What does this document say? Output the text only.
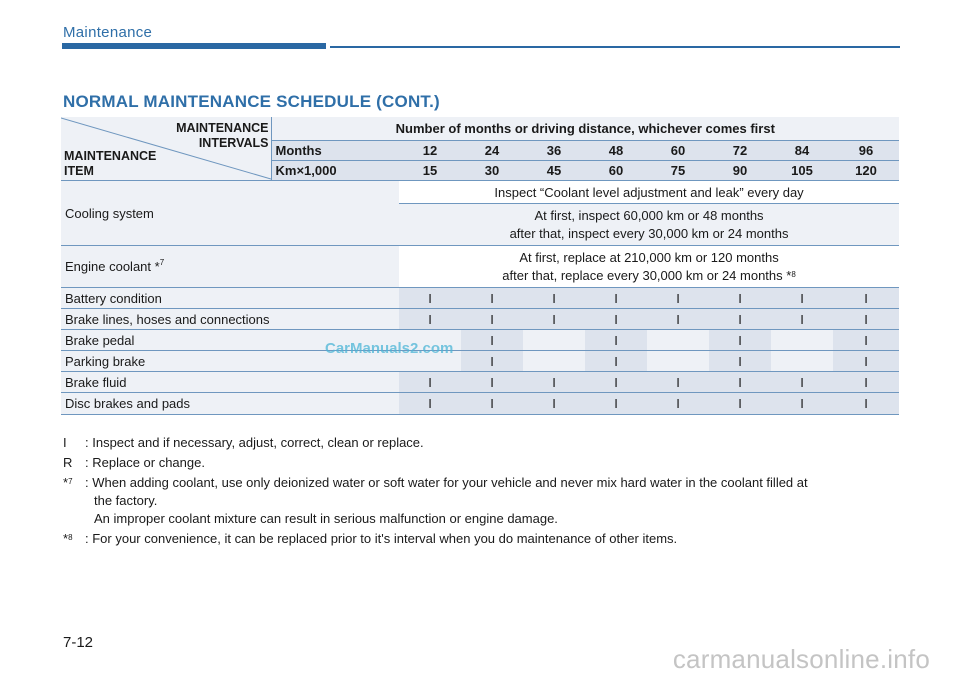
Maintenance
NORMAL MAINTENANCE SCHEDULE (CONT.)
MAINTENANCE
INTERVALS
MAINTENANCE
ITEM	Number of months or driving distance, whichever comes first								
	Months	12	24	36	48	60	72	84	96
	Km×1,000	15	30	45	60	75	90	105	120
Cooling system		Inspect “Coolant level adjustment and leak” every day							

		At first, inspect 60,000 km or 48 months
after that, inspect every 30,000 km or 24 months							

Engine coolant *$^7$		At first, replace at 210,000 km or 120 months
after that, replace every 30,000 km or 24 months *$^8$

Battery condition		I	I	I	I	I	I	I	I
Brake lines, hoses and connections		I	I	I	I	I	I	I	I
Brake pedal			I		I		I		I
Parking brake			I		I		I		I
Brake fluid		I	I	I	I	I	I	I	I
Disc brakes and pads		I	I	I	I	I	I	I	I
CarManuals2.com
I	: Inspect and if necessary, adjust, correct, clean or replace.
R : Replace or change.
*$^7$ : When adding coolant, use only deionized water or soft water for your vehicle and never mix hard water in the coolant filled at
the factory.
An improper coolant mixture can result in serious malfunction or engine damage.
*$^8$ : For your convenience, it can be replaced prior to it's interval when you do maintenance of other items.
7-12
carmanualsonline.info
